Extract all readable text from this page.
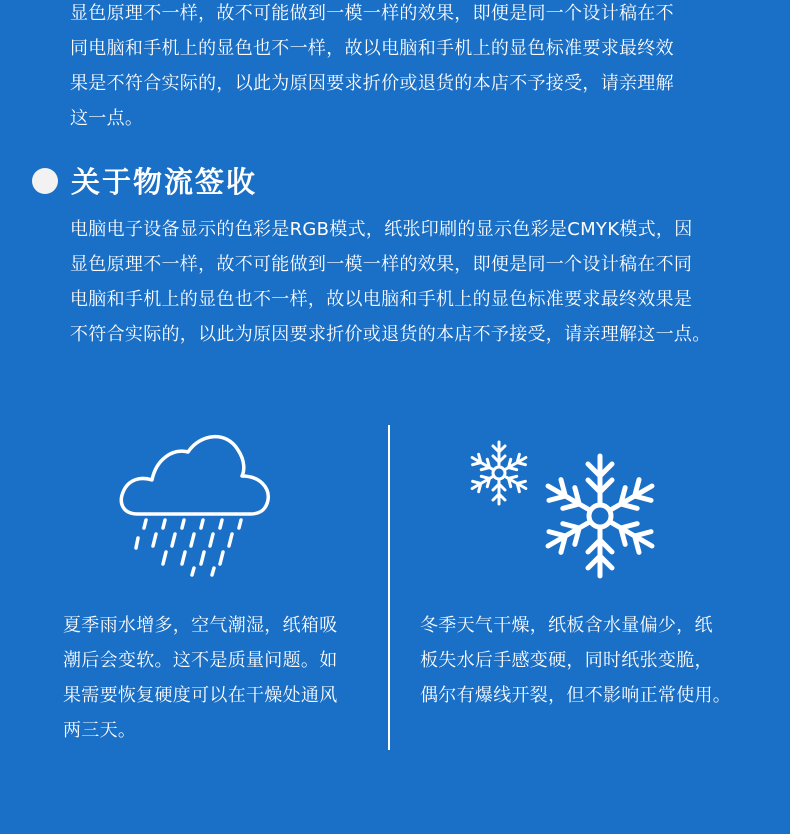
显色原理不一样，故不可能做到一模一样的效果，即便是同一个设计稿在不
同电脑和手机上的显色也不一样，故以电脑和手机上的显色标准要求最终效
果是不符合实际的，以此为原因要求折价或退货的本店不予接受，请亲理解
这一点。
关于物流签收
电脑电子设备显示的色彩是RGB模式，纸张印刷的显示色彩是CMYK模式，因
显色原理不一样，故不可能做到一模一样的效果，即便是同一个设计稿在不同
电脑和手机上的显色也不一样，故以电脑和手机上的显色标准要求最终效果是
不符合实际的，以此为原因要求折价或退货的本店不予接受，请亲理解这一点。
夏季雨水增多，空气潮湿，纸箱吸
潮后会变软。这不是质量问题。如
果需要恢复硬度可以在干燥处通风
两三天。
冬季天气干燥，纸板含水量偏少，纸
板失水后手感变硬，同时纸张变脆，
偶尔有爆线开裂，但不影响正常使用。
